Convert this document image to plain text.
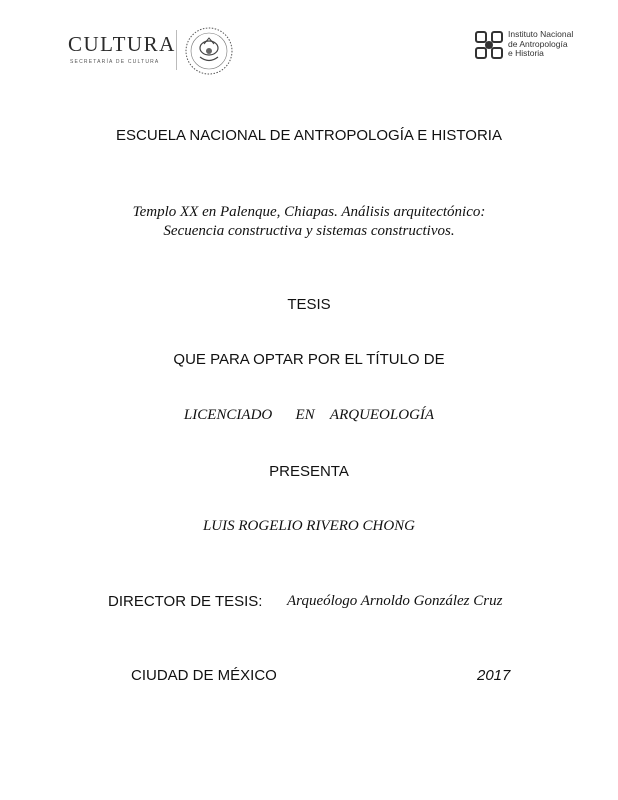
CULTURA
SECRETARÍA DE CULTURA
Instituto Nacional
de Antropología
e Historia
ESCUELA NACIONAL DE ANTROPOLOGÍA E HISTORIA
Templo XX en Palenque, Chiapas. Análisis arquitectónico:
Secuencia constructiva y sistemas constructivos.
TESIS
QUE PARA OPTAR POR EL TÍTULO DE
LICENCIADO   EN  ARQUEOLOGÍA
PRESENTA
LUIS ROGELIO RIVERO CHONG
DIRECTOR DE TESIS: Arqueólogo Arnoldo González Cruz
CIUDAD DE MÉXICO	2017
